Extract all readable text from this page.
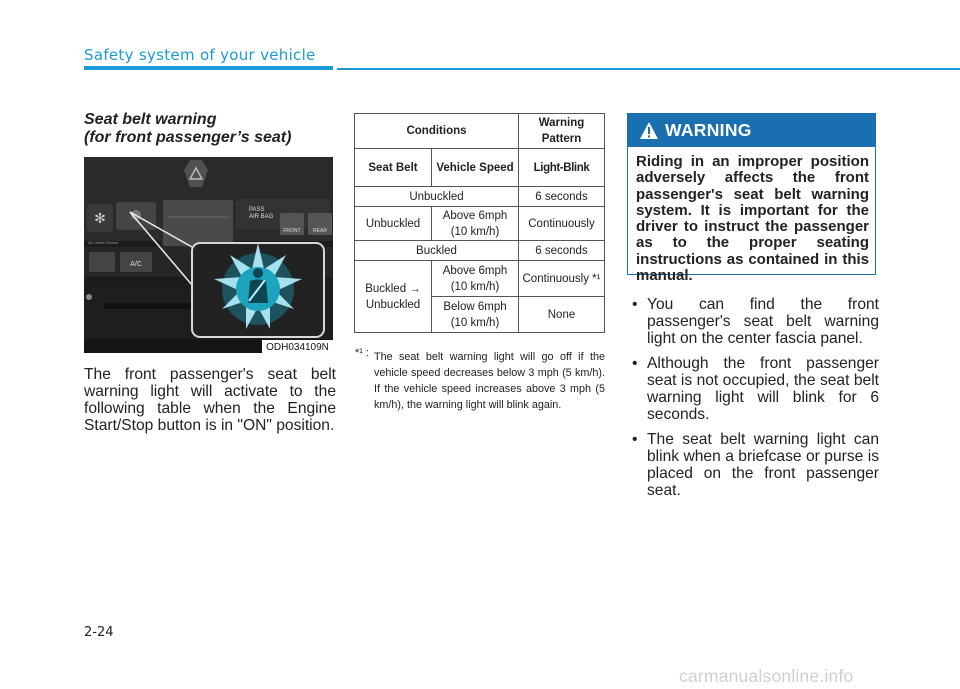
Safety system of your vehicle
Seat belt warning
(for front passenger’s seat)
✻
PASS
AIR BAG
FRONT REAR
Air Outlet Sensor
A/C
ODH034109N

The front passenger's seat belt warning light will activate to the following table when the Engine Start/Stop button is in "ON" position.

Conditions		Warning Pattern
Seat Belt	Vehicle Speed	Light-Blink
Unbuckled		6 seconds
Unbuckled	Above 6mph (10 km/h)	Continuously
Buckled		6 seconds
Buckled → Unbuckled	Above 6mph (10 km/h)	Continuously *¹
	Below 6mph (10 km/h)	None
*¹ : The seat belt warning light will go off if the vehicle speed decreases below 3 mph (5 km/h). If the vehicle speed increases above 3 mph (5 km/h), the warning light will blink again.

WARNING

Riding in an improper position adversely affects the front passenger's seat belt warning system. It is important for the driver to instruct the passenger as to the proper seating instructions as contained in this manual.

• You can find the front passenger's seat belt warning light on the center fascia panel.
• Although the front passenger seat is not occupied, the seat belt warning light will blink for 6 seconds.
• The seat belt warning light can blink when a briefcase or purse is placed on the front passenger seat.
2-24
carmanualsonline.info
